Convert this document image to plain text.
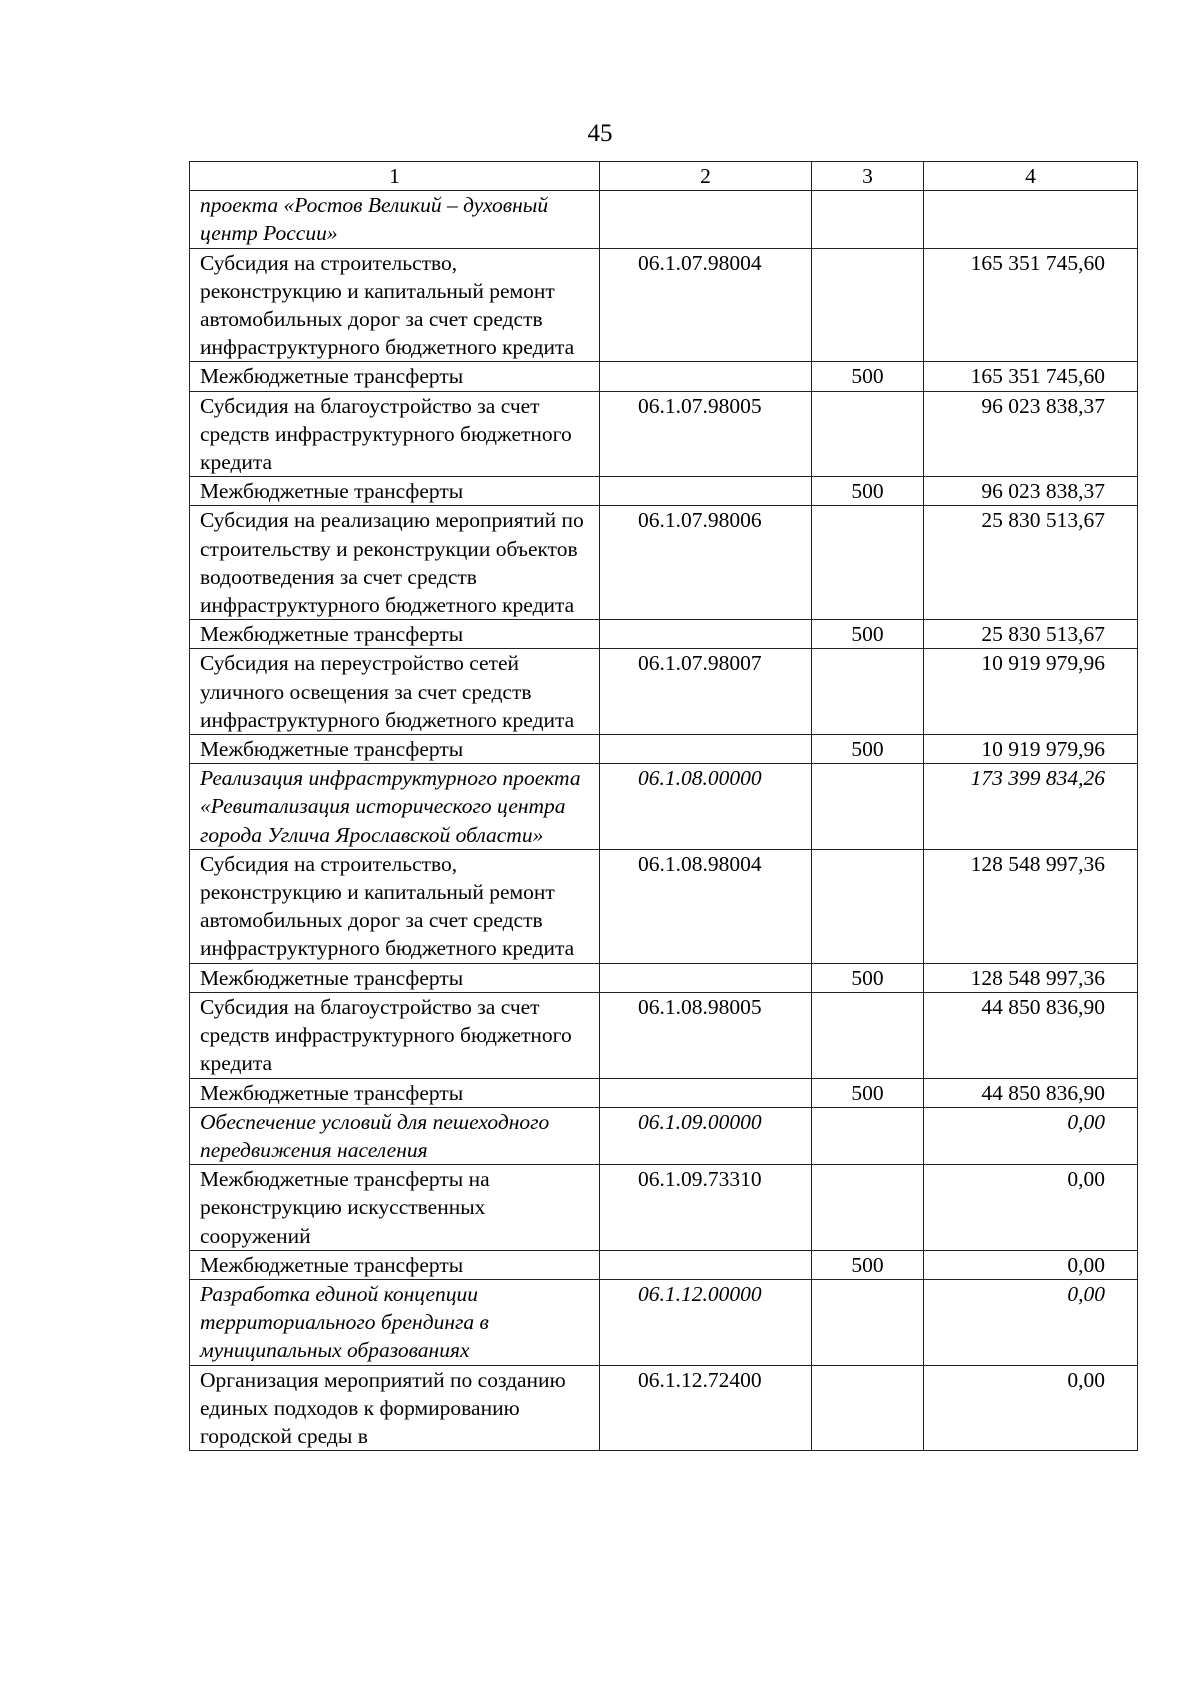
45
1	2	3	4
проекта «Ростов Великий – духовный центр России»			
Субсидия на строительство, реконструкцию и капитальный ремонт автомобильных дорог за счет средств инфраструктурного бюджетного кредита	06.1.07.98004		165 351 745,60
Межбюджетные трансферты		500	165 351 745,60
Субсидия на благоустройство за счет средств инфраструктурного бюджетного кредита	06.1.07.98005		96 023 838,37
Межбюджетные трансферты		500	96 023 838,37
Субсидия на реализацию мероприятий по строительству и реконструкции объектов водоотведения за счет средств инфраструктурного бюджетного кредита	06.1.07.98006		25 830 513,67
Межбюджетные трансферты		500	25 830 513,67
Субсидия на переустройство сетей уличного освещения за счет средств инфраструктурного бюджетного кредита	06.1.07.98007		10 919 979,96
Межбюджетные трансферты		500	10 919 979,96
Реализация инфраструктурного проекта «Ревитализация исторического центра города Углича Ярославской области»	06.1.08.00000		173 399 834,26
Субсидия на строительство, реконструкцию и капитальный ремонт автомобильных дорог за счет средств инфраструктурного бюджетного кредита	06.1.08.98004		128 548 997,36
Межбюджетные трансферты		500	128 548 997,36
Субсидия на благоустройство за счет средств инфраструктурного бюджетного кредита	06.1.08.98005		44 850 836,90
Межбюджетные трансферты		500	44 850 836,90
Обеспечение условий для пешеходного передвижения населения	06.1.09.00000		0,00
Межбюджетные трансферты на реконструкцию искусственных сооружений	06.1.09.73310		0,00
Межбюджетные трансферты		500	0,00
Разработка единой концепции территориального брендинга в муниципальных образованиях	06.1.12.00000		0,00
Организация мероприятий по созданию единых подходов к формированию городской среды в	06.1.12.72400		0,00
